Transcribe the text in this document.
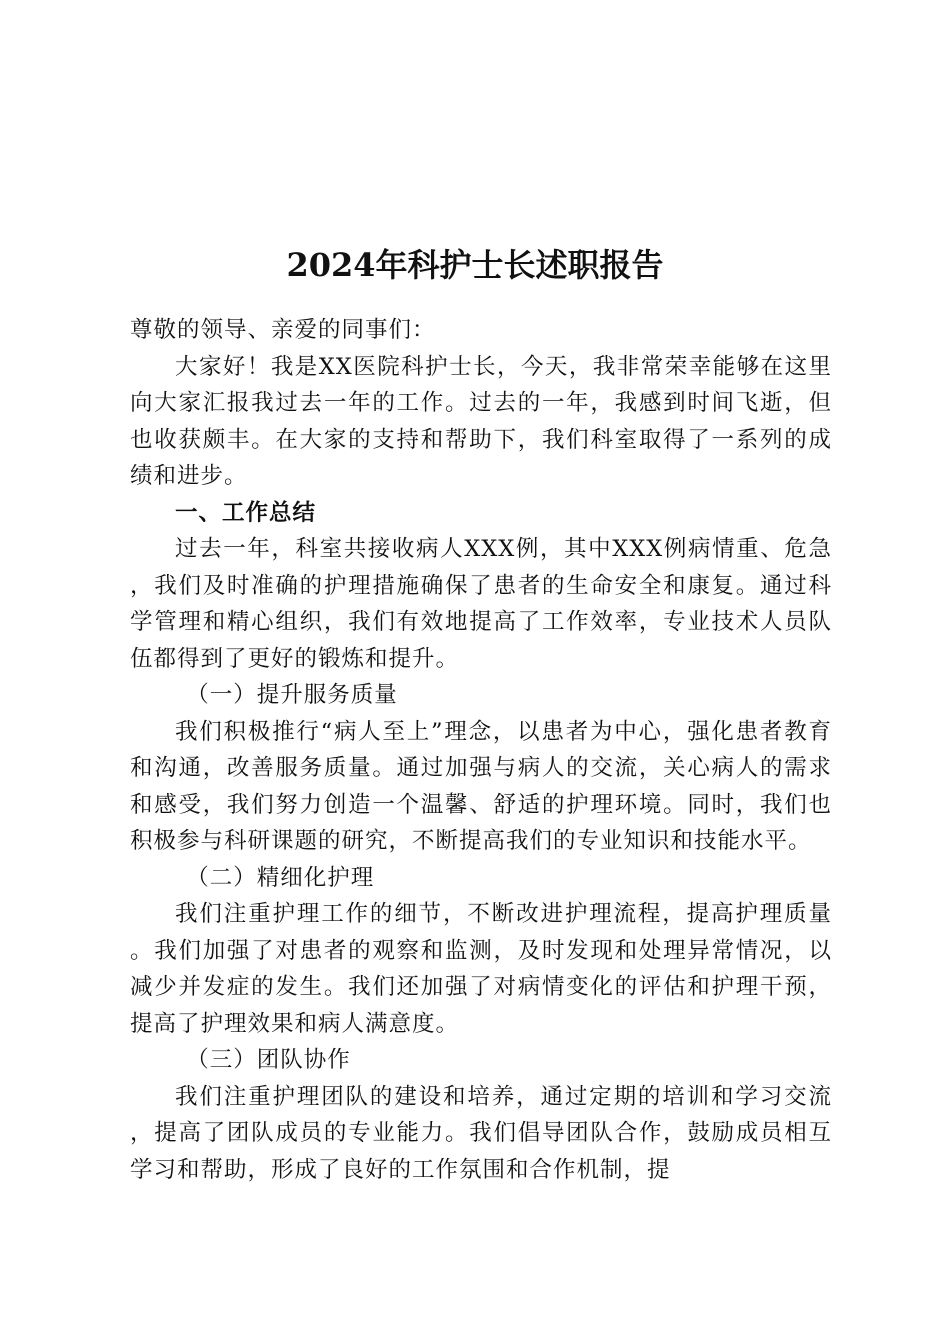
2024年科护士长述职报告

尊敬的领导、亲爱的同事们：

大家好！我是XX医院科护士长，今天，我非常荣幸能够在这里向大家汇报我过去一年的工作。过去的一年，我感到时间飞逝，但也收获颇丰。在大家的支持和帮助下，我们科室取得了一系列的成绩和进步。

一、工作总结

过去一年，科室共接收病人XXX例，其中XXX例病情重、危急，我们及时准确的护理措施确保了患者的生命安全和康复。通过科学管理和精心组织，我们有效地提高了工作效率，专业技术人员队伍都得到了更好的锻炼和提升。

（一）提升服务质量

我们积极推行“病人至上”理念，以患者为中心，强化患者教育和沟通，改善服务质量。通过加强与病人的交流，关心病人的需求和感受，我们努力创造一个温馨、舒适的护理环境。同时，我们也积极参与科研课题的研究，不断提高我们的专业知识和技能水平。

（二）精细化护理

我们注重护理工作的细节，不断改进护理流程，提高护理质量。我们加强了对患者的观察和监测，及时发现和处理异常情况，以减少并发症的发生。我们还加强了对病情变化的评估和护理干预，提高了护理效果和病人满意度。

（三）团队协作

我们注重护理团队的建设和培养，通过定期的培训和学习交流，提高了团队成员的专业能力。我们倡导团队合作，鼓励成员相互学习和帮助，形成了良好的工作氛围和合作机制，提
